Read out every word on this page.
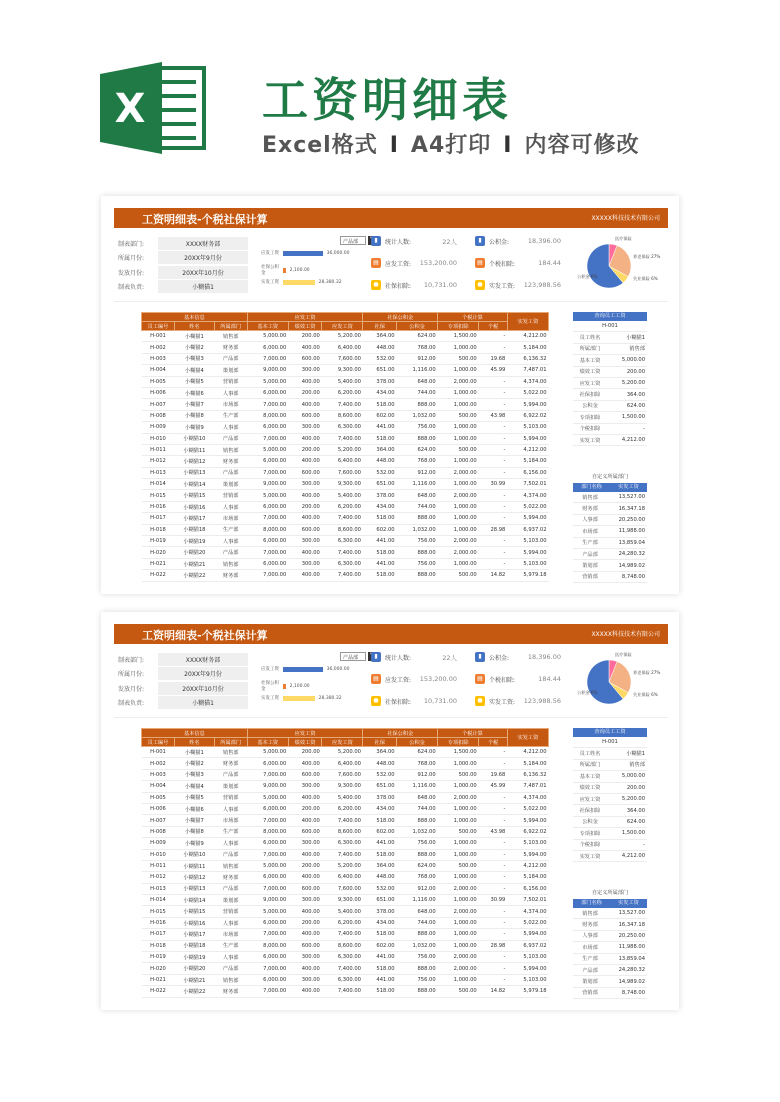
X	工资明细表
Excel格式 I A4打印 I 内容可修改
工资明细表-个税社保计算	XXXXX科技技术有限公司
制表部门:	XXXX财务部
所属月份:	20XX年9月份
发放月份:	20XX年10月份
制表负责:	小糊猫1
产品部
应发工资	36,000.00
社保公积金
2,100.00
实发工资	28,380.32
▮	统计人数:	22人	▮	公积金:	18,396.00
▤	应发工资:	153,200.00	▤	个税扣除:	184.44
●	社保扣除:	10,731.00	●	实发工资:	123,988.56
医疗保险
养老保险 27%
失业保险 6%
公积金 6%
基本信息			应发工资			社保公积金		个税计算		实发工资
员工编号	姓名	所属部门	基本工资	绩效工资	应发工资	社保	公积金	专项扣除	个税	
H-001	小糊猫1	销售部	5,000.00	200.00	5,200.00	364.00	624.00	1,500.00	-	4,212.00
H-002	小糊猫2	财务部	6,000.00	400.00	6,400.00	448.00	768.00	1,000.00	-	5,184.00
H-003	小糊猫3	产品部	7,000.00	600.00	7,600.00	532.00	912.00	500.00	19.68	6,136.32
H-004	小糊猫4	策划部	9,000.00	300.00	9,300.00	651.00	1,116.00	1,000.00	45.99	7,487.01
H-005	小糊猫5	营销部	5,000.00	400.00	5,400.00	378.00	648.00	2,000.00	-	4,374.00
H-006	小糊猫6	人事部	6,000.00	200.00	6,200.00	434.00	744.00	1,000.00	-	5,022.00
H-007	小糊猫7	市场部	7,000.00	400.00	7,400.00	518.00	888.00	1,000.00	-	5,994.00
H-008	小糊猫8	生产部	8,000.00	600.00	8,600.00	602.00	1,032.00	500.00	43.98	6,922.02
H-009	小糊猫9	人事部	6,000.00	300.00	6,300.00	441.00	756.00	1,000.00	-	5,103.00
H-010	小糊猫10	产品部	7,000.00	400.00	7,400.00	518.00	888.00	1,000.00	-	5,994.00
H-011	小糊猫11	销售部	5,000.00	200.00	5,200.00	364.00	624.00	500.00	-	4,212.00
H-012	小糊猫12	财务部	6,000.00	400.00	6,400.00	448.00	768.00	1,000.00	-	5,184.00
H-013	小糊猫13	产品部	7,000.00	600.00	7,600.00	532.00	912.00	2,000.00	-	6,156.00
H-014	小糊猫14	策划部	9,000.00	300.00	9,300.00	651.00	1,116.00	1,000.00	30.99	7,502.01
H-015	小糊猫15	营销部	5,000.00	400.00	5,400.00	378.00	648.00	2,000.00	-	4,374.00
H-016	小糊猫16	人事部	6,000.00	200.00	6,200.00	434.00	744.00	1,000.00	-	5,022.00
H-017	小糊猫17	市场部	7,000.00	400.00	7,400.00	518.00	888.00	1,000.00	-	5,994.00
H-018	小糊猫18	生产部	8,000.00	600.00	8,600.00	602.00	1,032.00	1,000.00	28.98	6,937.02
H-019	小糊猫19	人事部	6,000.00	300.00	6,300.00	441.00	756.00	2,000.00	-	5,103.00
H-020	小糊猫20	产品部	7,000.00	400.00	7,400.00	518.00	888.00	2,000.00	-	5,994.00
H-021	小糊猫21	销售部	6,000.00	300.00	6,300.00	441.00	756.00	1,000.00	-	5,103.00
H-022	小糊猫22	财务部	7,000.00	400.00	7,400.00	518.00	888.00	500.00	14.82	5,979.18
查询员工工资
H-001
员工姓名	小糊猫1
所属部门	销售部
基本工资	5,000.00
绩效工资	200.00
应发工资	5,200.00
社保扣除	364.00
公积金	624.00
专项扣除	1,500.00
个税扣除	-
实发工资	4,212.00
自定义所属部门
部门名称	实发工资
销售部	13,527.00
财务部	16,347.18
人事部	20,250.00
市场部	11,988.00
生产部	13,859.04
产品部	24,280.32
策划部	14,989.02
营销部	8,748.00
工资明细表-个税社保计算	XXXXX科技技术有限公司
制表部门:	XXXX财务部
所属月份:	20XX年9月份
发放月份:	20XX年10月份
制表负责:	小糊猫1
产品部
应发工资	36,000.00
社保公积金
2,100.00
实发工资	28,380.32
▮	统计人数:	22人	▮	公积金:	18,396.00
▤	应发工资:	153,200.00	▤	个税扣除:	184.44
●	社保扣除:	10,731.00	●	实发工资:	123,988.56
医疗保险
养老保险 27%
失业保险 6%
公积金 6%
基本信息			应发工资			社保公积金		个税计算		实发工资
员工编号	姓名	所属部门	基本工资	绩效工资	应发工资	社保	公积金	专项扣除	个税	
H-001	小糊猫1	销售部	5,000.00	200.00	5,200.00	364.00	624.00	1,500.00	-	4,212.00
H-002	小糊猫2	财务部	6,000.00	400.00	6,400.00	448.00	768.00	1,000.00	-	5,184.00
H-003	小糊猫3	产品部	7,000.00	600.00	7,600.00	532.00	912.00	500.00	19.68	6,136.32
H-004	小糊猫4	策划部	9,000.00	300.00	9,300.00	651.00	1,116.00	1,000.00	45.99	7,487.01
H-005	小糊猫5	营销部	5,000.00	400.00	5,400.00	378.00	648.00	2,000.00	-	4,374.00
H-006	小糊猫6	人事部	6,000.00	200.00	6,200.00	434.00	744.00	1,000.00	-	5,022.00
H-007	小糊猫7	市场部	7,000.00	400.00	7,400.00	518.00	888.00	1,000.00	-	5,994.00
H-008	小糊猫8	生产部	8,000.00	600.00	8,600.00	602.00	1,032.00	500.00	43.98	6,922.02
H-009	小糊猫9	人事部	6,000.00	300.00	6,300.00	441.00	756.00	1,000.00	-	5,103.00
H-010	小糊猫10	产品部	7,000.00	400.00	7,400.00	518.00	888.00	1,000.00	-	5,994.00
H-011	小糊猫11	销售部	5,000.00	200.00	5,200.00	364.00	624.00	500.00	-	4,212.00
H-012	小糊猫12	财务部	6,000.00	400.00	6,400.00	448.00	768.00	1,000.00	-	5,184.00
H-013	小糊猫13	产品部	7,000.00	600.00	7,600.00	532.00	912.00	2,000.00	-	6,156.00
H-014	小糊猫14	策划部	9,000.00	300.00	9,300.00	651.00	1,116.00	1,000.00	30.99	7,502.01
H-015	小糊猫15	营销部	5,000.00	400.00	5,400.00	378.00	648.00	2,000.00	-	4,374.00
H-016	小糊猫16	人事部	6,000.00	200.00	6,200.00	434.00	744.00	1,000.00	-	5,022.00
H-017	小糊猫17	市场部	7,000.00	400.00	7,400.00	518.00	888.00	1,000.00	-	5,994.00
H-018	小糊猫18	生产部	8,000.00	600.00	8,600.00	602.00	1,032.00	1,000.00	28.98	6,937.02
H-019	小糊猫19	人事部	6,000.00	300.00	6,300.00	441.00	756.00	2,000.00	-	5,103.00
H-020	小糊猫20	产品部	7,000.00	400.00	7,400.00	518.00	888.00	2,000.00	-	5,994.00
H-021	小糊猫21	销售部	6,000.00	300.00	6,300.00	441.00	756.00	1,000.00	-	5,103.00
H-022	小糊猫22	财务部	7,000.00	400.00	7,400.00	518.00	888.00	500.00	14.82	5,979.18
查询员工工资
H-001
员工姓名	小糊猫1
所属部门	销售部
基本工资	5,000.00
绩效工资	200.00
应发工资	5,200.00
社保扣除	364.00
公积金	624.00
专项扣除	1,500.00
个税扣除	-
实发工资	4,212.00
自定义所属部门
部门名称	实发工资
销售部	13,527.00
财务部	16,347.18
人事部	20,250.00
市场部	11,988.00
生产部	13,859.04
产品部	24,280.32
策划部	14,989.02
营销部	8,748.00
